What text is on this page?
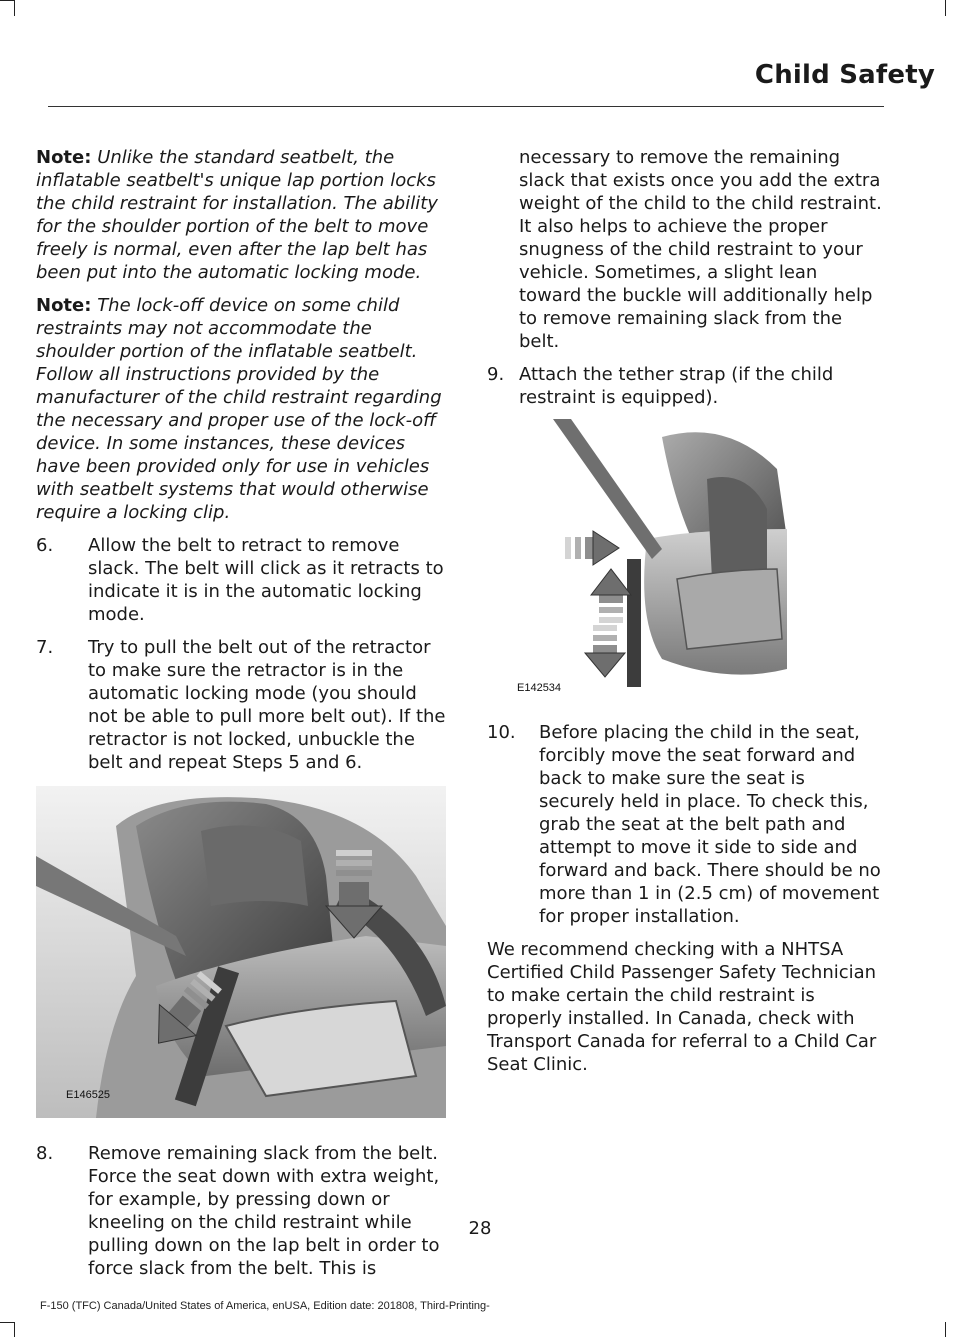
Child Safety

Note: Unlike the standard seatbelt, the inflatable seatbelt's unique lap portion locks the child restraint for installation. The ability for the shoulder portion of the belt to move freely is normal, even after the lap belt has been put into the automatic locking mode.

Note: The lock-off device on some child restraints may not accommodate the shoulder portion of the inflatable seatbelt. Follow all instructions provided by the manufacturer of the child restraint regarding the necessary and proper use of the lock-off device. In some instances, these devices have been provided only for use in vehicles with seatbelt systems that would otherwise require a locking clip.

6. Allow the belt to retract to remove slack. The belt will click as it retracts to indicate it is in the automatic locking mode.
7. Try to pull the belt out of the retractor to make sure the retractor is in the automatic locking mode (you should not be able to pull more belt out). If the retractor is not locked, unbuckle the belt and repeat Steps 5 and 6.
E146525
8. Remove remaining slack from the belt. Force the seat down with extra weight, for example, by pressing down or kneeling on the child restraint while pulling down on the lap belt in order to force slack from the belt. This is

necessary to remove the remaining slack that exists once you add the extra weight of the child to the child restraint. It also helps to achieve the proper snugness of the child restraint to your vehicle. Sometimes, a slight lean toward the buckle will additionally help to remove remaining slack from the belt.

9. Attach the tether strap (if the child restraint is equipped).
E142534
10. Before placing the child in the seat, forcibly move the seat forward and back to make sure the seat is securely held in place. To check this, grab the seat at the belt path and attempt to move it side to side and forward and back. There should be no more than 1 in (2.5 cm) of movement for proper installation.

We recommend checking with a NHTSA Certified Child Passenger Safety Technician to make certain the child restraint is properly installed. In Canada, check with Transport Canada for referral to a Child Car Seat Clinic.

28
F-150 (TFC) Canada/United States of America, enUSA, Edition date: 201808, Third-Printing-
